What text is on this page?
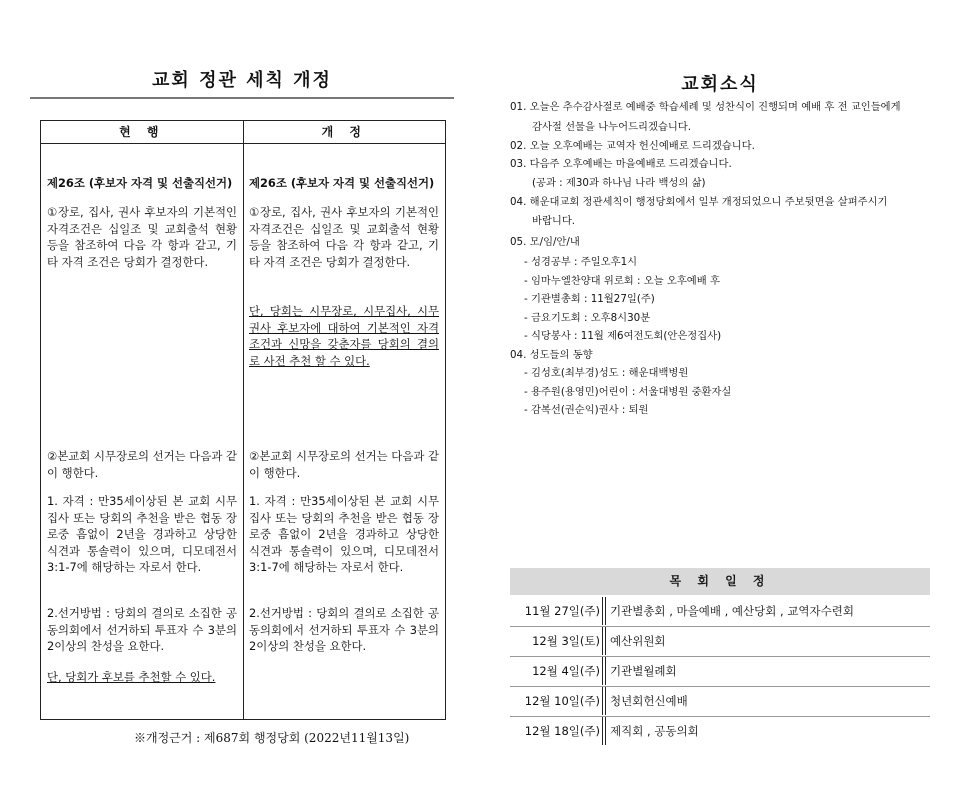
교회 정관 세칙 개정
현 행	개 정

제26조 (후보자 자격 및 선출직선거)

①장로, 집사, 권사 후보자의 기본적인 자격조건은 십일조 및 교회출석 현황등을 참조하여 다음 각 항과 같고, 기타 자격 조건은 당회가 결정한다.

②본교회 시무장로의 선거는 다음과 같이 행한다.

1. 자격 : 만35세이상된 본 교회 시무집사 또는 당회의 추천을 받은 협동 장로중 흠없이 2년을 경과하고 상당한 식견과 통솔력이 있으며, 디모데전서 3:1-7에 해당하는 자로서 한다.

2.선거방법 : 당회의 결의로 소집한 공동의회에서 선거하되 투표자 수 3분의 2이상의 찬성을 요한다.

단, 당회가 후보를 추천할 수 있다.

제26조 (후보자 자격 및 선출직선거)

①장로, 집사, 권사 후보자의 기본적인 자격조건은 십일조 및 교회출석 현황등을 참조하여 다음 각 항과 같고, 기타 자격 조건은 당회가 결정한다.

단, 당회는 시무장로, 시무집사, 시무권사 후보자에 대하여 기본적인 자격조건과 신망을 갖춘자를 당회의 결의로 사전 추천 할 수 있다.

②본교회 시무장로의 선거는 다음과 같이 행한다.

1. 자격 : 만35세이상된 본 교회 시무집사 또는 당회의 추천을 받은 협동 장로중 흠없이 2년을 경과하고 상당한 식견과 통솔력이 있으며, 디모데전서 3:1-7에 해당하는 자로서 한다.

2.선거방법 : 당회의 결의로 소집한 공동의회에서 선거하되 투표자 수 3분의 2이상의 찬성을 요한다.

※개정근거 : 제687회 행정당회 (2022년11월13일)
교회소식
01. 오늘은 추수감사절로 예배중 학습세례 및 성찬식이 진행되며 예배 후 전 교인들에게
감사절 선물을 나누어드리겠습니다.
02. 오늘 오후예배는 교역자 헌신예배로 드리겠습니다.
03. 다음주 오후예배는 마을예배로 드리겠습니다.
(공과 : 제30과 하나님 나라 백성의 삶)
04. 해운대교회 정관세칙이 행정당회에서 일부 개정되었으니 주보뒷면을 살펴주시기
바랍니다.
05. 모/임/안/내
- 성경공부 : 주일오후1시
- 임마누엘찬양대 위로회 : 오늘 오후예배 후
- 기관별총회 : 11월27일(주)
- 금요기도회 : 오후8시30분
- 식당봉사 : 11월 제6여전도회(안은정집사)
04. 성도들의 동향
- 김성호(최부경)성도 : 해운대백병원
- 용주원(용영민)어린이 : 서울대병원 중환자실
- 감복선(권순익)권사 : 퇴원
목 회 일 정
11월 27일(주) 기관별총회 , 마을예배 , 예산당회 , 교역자수련회
12월 3일(토) 예산위원회
12월 4일(주) 기관별월례회
12월 10일(주) 청년회헌신예배
12월 18일(주) 제직회 , 공동의회
